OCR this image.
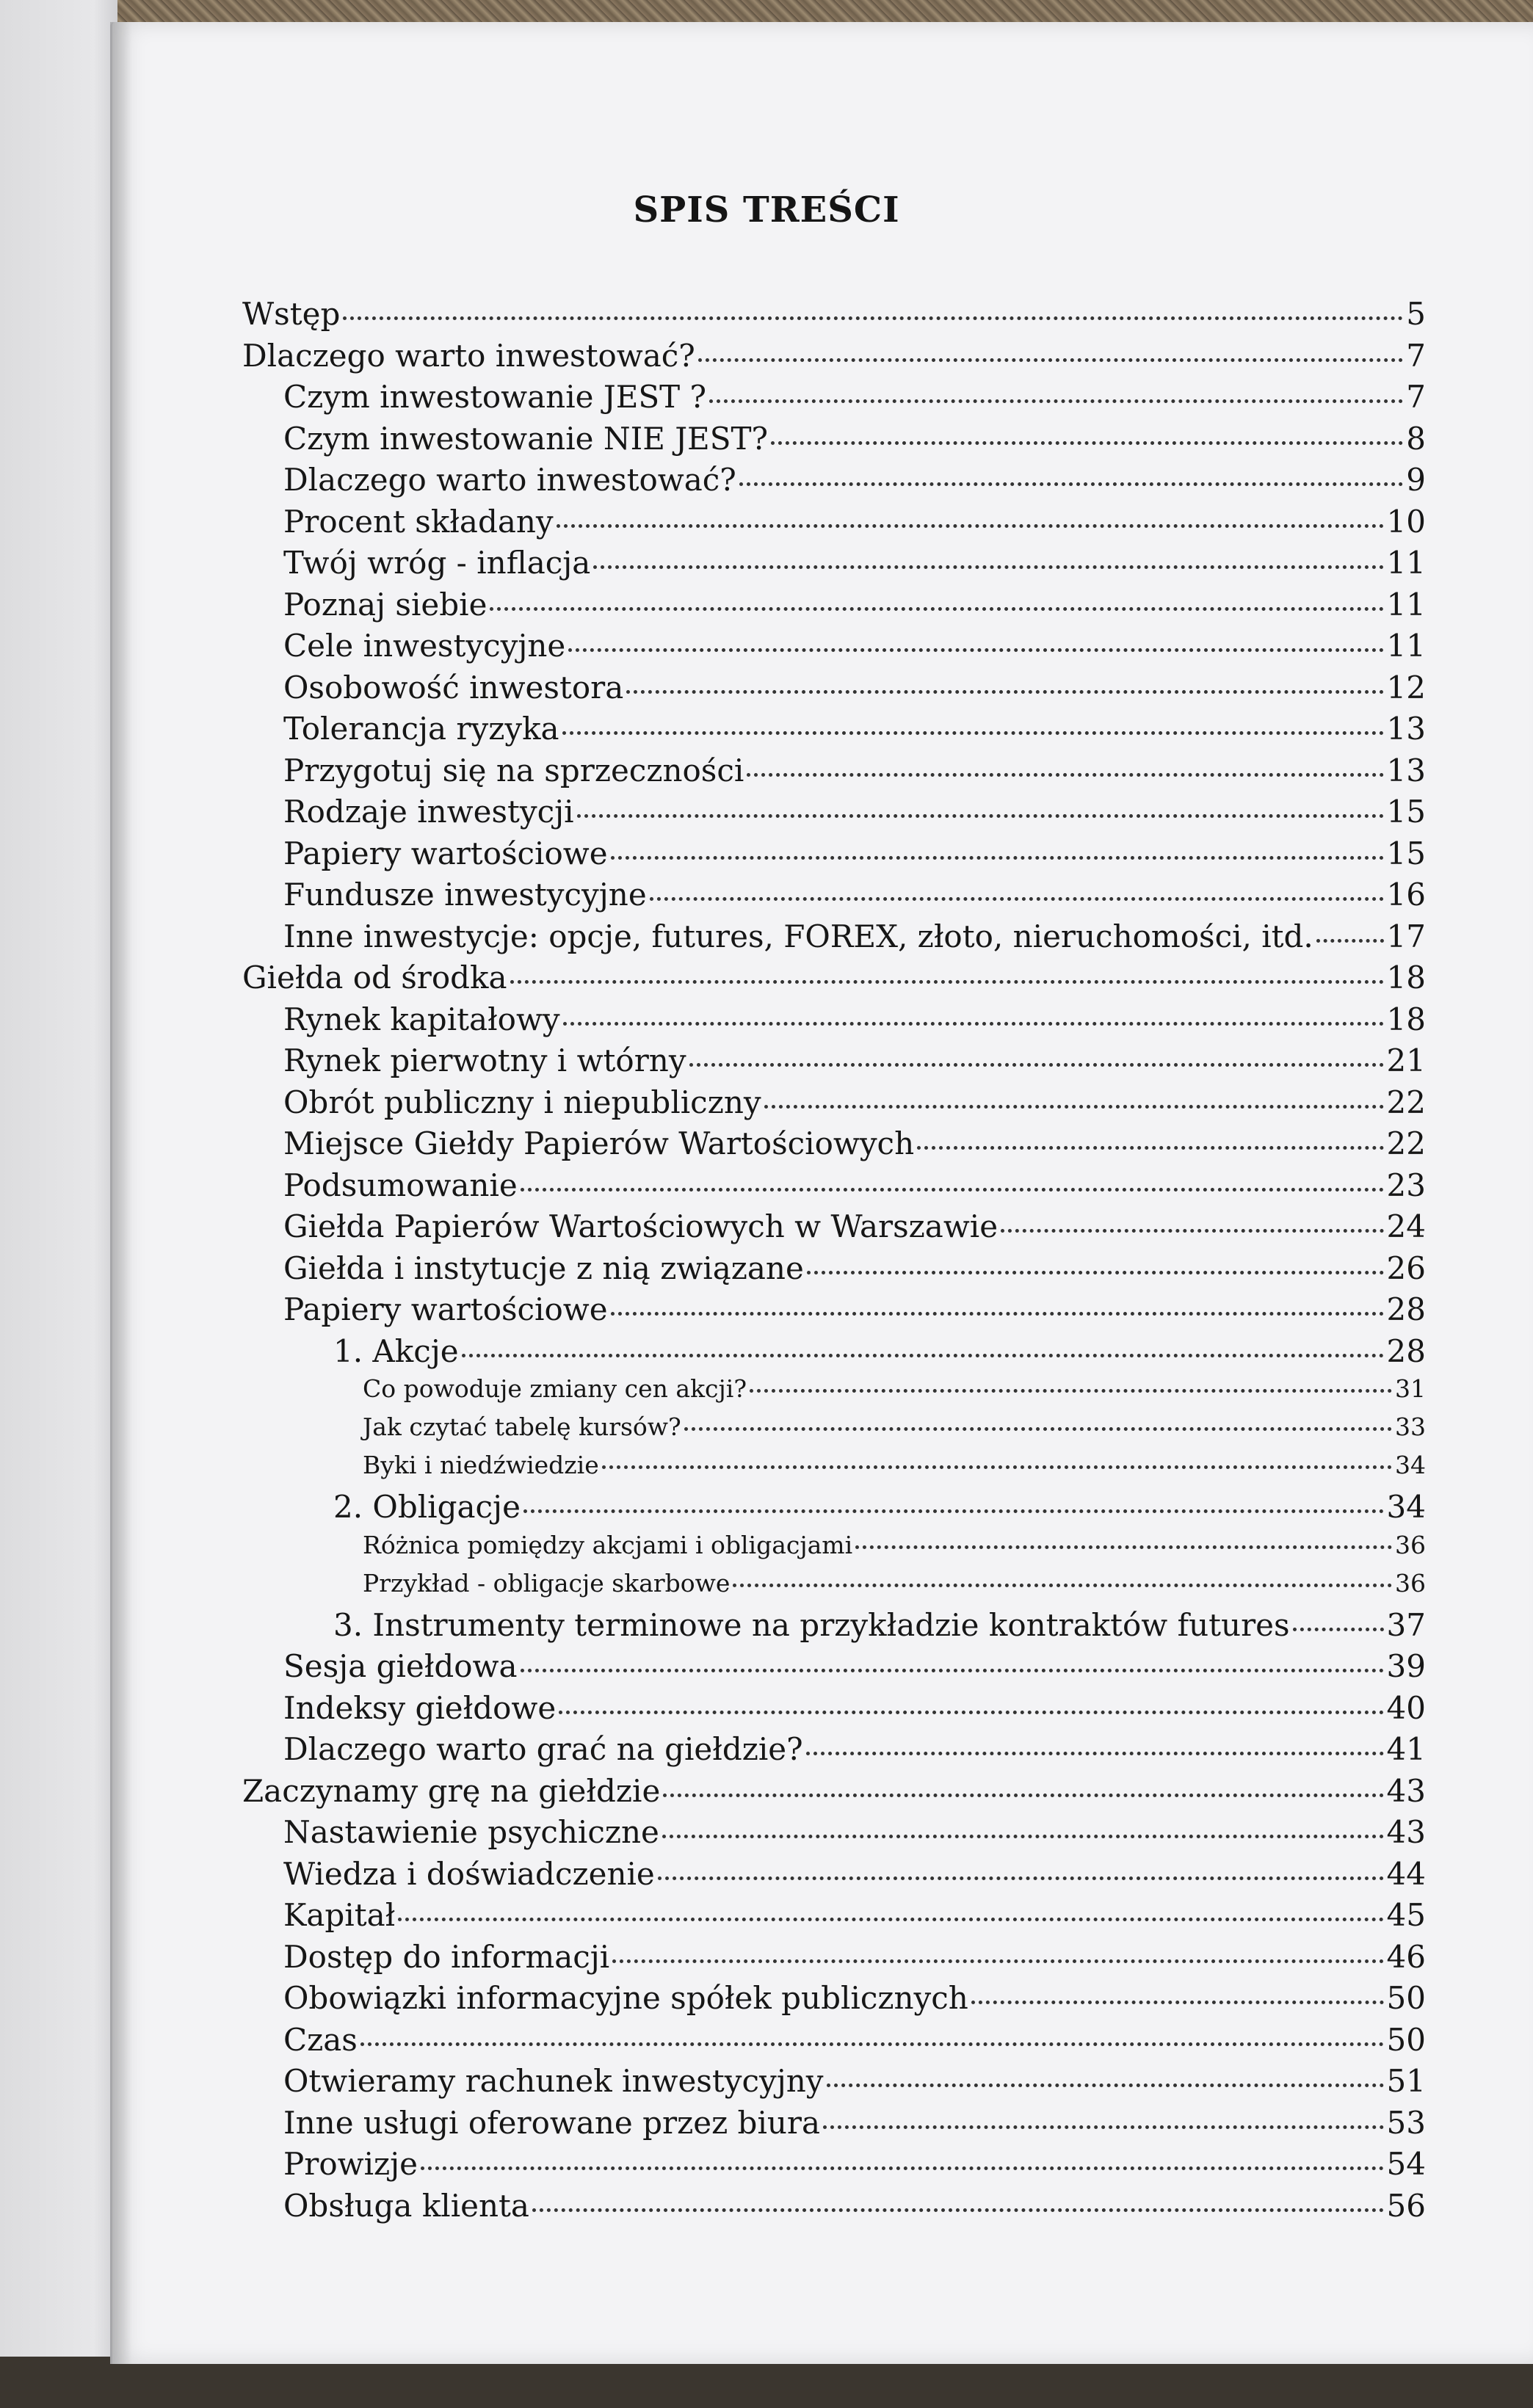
SPIS TREŚCI
Wstęp	5
Dlaczego warto inwestować?	7
Czym inwestowanie JEST ?	7
Czym inwestowanie NIE JEST?	8
Dlaczego warto inwestować?	9
Procent składany	10
Twój wróg - inflacja	11
Poznaj siebie	11
Cele inwestycyjne	11
Osobowość inwestora	12
Tolerancja ryzyka	13
Przygotuj się na sprzeczności	13
Rodzaje inwestycji	15
Papiery wartościowe	15
Fundusze inwestycyjne	16
Inne inwestycje: opcje, futures, FOREX, złoto, nieruchomości, itd. 17
Giełda od środka	18
Rynek kapitałowy	18
Rynek pierwotny i wtórny	21
Obrót publiczny i niepubliczny	22
Miejsce Giełdy Papierów Wartościowych	22
Podsumowanie	23
Giełda Papierów Wartościowych w Warszawie	24
Giełda i instytucje z nią związane	26
Papiery wartościowe	28
1. Akcje	28
Co powoduje zmiany cen akcji?	31
Jak czytać tabelę kursów?	33
Byki i niedźwiedzie	34
2. Obligacje	34
Różnica pomiędzy akcjami i obligacjami	36
Przykład - obligacje skarbowe	36
3. Instrumenty terminowe na przykładzie kontraktów futures	37
Sesja giełdowa	39
Indeksy giełdowe	40
Dlaczego warto grać na giełdzie?	41
Zaczynamy grę na giełdzie	43
Nastawienie psychiczne	43
Wiedza i doświadczenie	44
Kapitał	45
Dostęp do informacji	46
Obowiązki informacyjne spółek publicznych	50
Czas	50
Otwieramy rachunek inwestycyjny	51
Inne usługi oferowane przez biura	53
Prowizje	54
Obsługa klienta	56
